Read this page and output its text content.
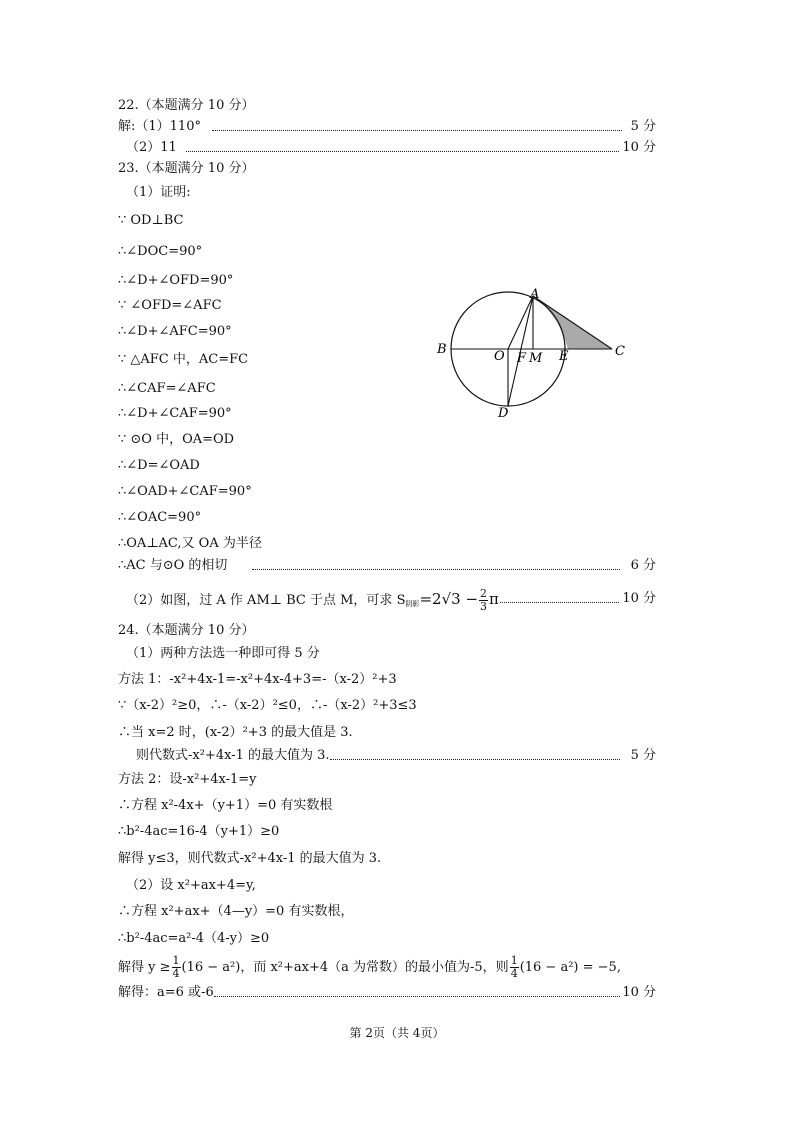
22.（本题满分 10 分）
解:（1）110°	5 分
（2）11	10 分
23.（本题满分 10 分）
（1）证明:
∵ OD⊥BC
∴∠DOC=90°
∴∠D+∠OFD=90°
∵ ∠OFD=∠AFC
∴∠D+∠AFC=90°
∵ △AFC 中，AC=FC
∴∠CAF=∠AFC
∴∠D+∠CAF=90°
∵ ⊙O 中，OA=OD
∴∠D=∠OAD
∴∠OAD+∠CAF=90°
∴∠OAC=90°
∴OA⊥AC,又 OA 为半径
∴AC 与⊙O 的相切	6 分
（2）如图，过 A 作 AM⊥ BC 于点 M，可求 $S_{阴影}=2√3 - \frac{2}{3}$ π	10 分
A
B	O F M E	C
D
24.（本题满分 10 分）
（1）两种方法选一种即可得 5 分
方法 1：-x²+4x-1=-x²+4x-4+3=-（x-2）²+3
∵（x-2）²≥0，∴-（x-2）²≤0，∴-（x-2）²+3≤3
∴当 x=2 时，(x-2）²+3 的最大值是 3.
则代数式-x²+4x-1 的最大值为 3.	5 分
方法 2：设-x²+4x-1=y
∴方程 x²-4x+（y+1）=0 有实数根
∴b²-4ac=16-4（y+1）≥0
解得 y≤3，则代数式-x²+4x-1 的最大值为 3.
（2）设 x²+ax+4=y,
∴方程 x²+ax+（4—y）=0 有实数根，
∴b²-4ac=a²-4（4-y）≥0
解得 $y \ge \frac{1}{4} (16 - a^2)$，而 x²+ax+4（a 为常数）的最小值为-5，则 $\frac{1}{4} (16 - a^2) = -5$,
解得：a=6 或-6	10 分
第 2页（共 4页）
